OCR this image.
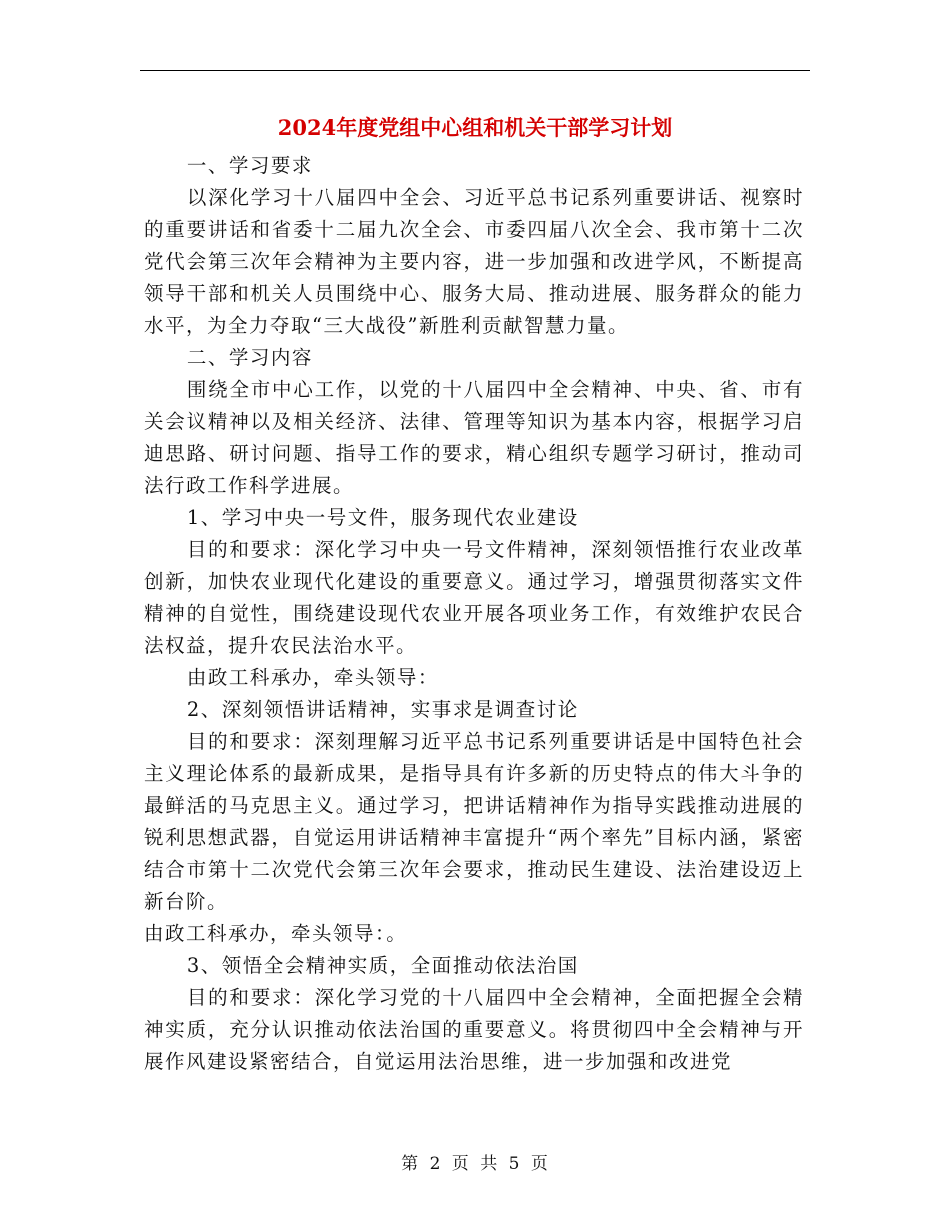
2024年度党组中心组和机关干部学习计划

一、学习要求

以深化学习十八届四中全会、习近平总书记系列重要讲话、视察时的重要讲话和省委十二届九次全会、市委四届八次全会、我市第十二次党代会第三次年会精神为主要内容，进一步加强和改进学风，不断提高领导干部和机关人员围绕中心、服务大局、推动进展、服务群众的能力水平，为全力夺取“三大战役”新胜利贡献智慧力量。

二、学习内容

围绕全市中心工作，以党的十八届四中全会精神、中央、省、市有关会议精神以及相关经济、法律、管理等知识为基本内容，根据学习启迪思路、研讨问题、指导工作的要求，精心组织专题学习研讨，推动司法行政工作科学进展。

1、学习中央一号文件，服务现代农业建设

目的和要求：深化学习中央一号文件精神，深刻领悟推行农业改革创新，加快农业现代化建设的重要意义。通过学习，增强贯彻落实文件精神的自觉性，围绕建设现代农业开展各项业务工作，有效维护农民合法权益，提升农民法治水平。

由政工科承办，牵头领导：

2、深刻领悟讲话精神，实事求是调查讨论

目的和要求：深刻理解习近平总书记系列重要讲话是中国特色社会主义理论体系的最新成果，是指导具有许多新的历史特点的伟大斗争的最鲜活的马克思主义。通过学习，把讲话精神作为指导实践推动进展的锐利思想武器，自觉运用讲话精神丰富提升“两个率先”目标内涵，紧密结合市第十二次党代会第三次年会要求，推动民生建设、法治建设迈上新台阶。

由政工科承办，牵头领导：。

3、领悟全会精神实质，全面推动依法治国

目的和要求：深化学习党的十八届四中全会精神，全面把握全会精神实质，充分认识推动依法治国的重要意义。将贯彻四中全会精神与开展作风建设紧密结合，自觉运用法治思维，进一步加强和改进党

第 2 页 共 5 页
